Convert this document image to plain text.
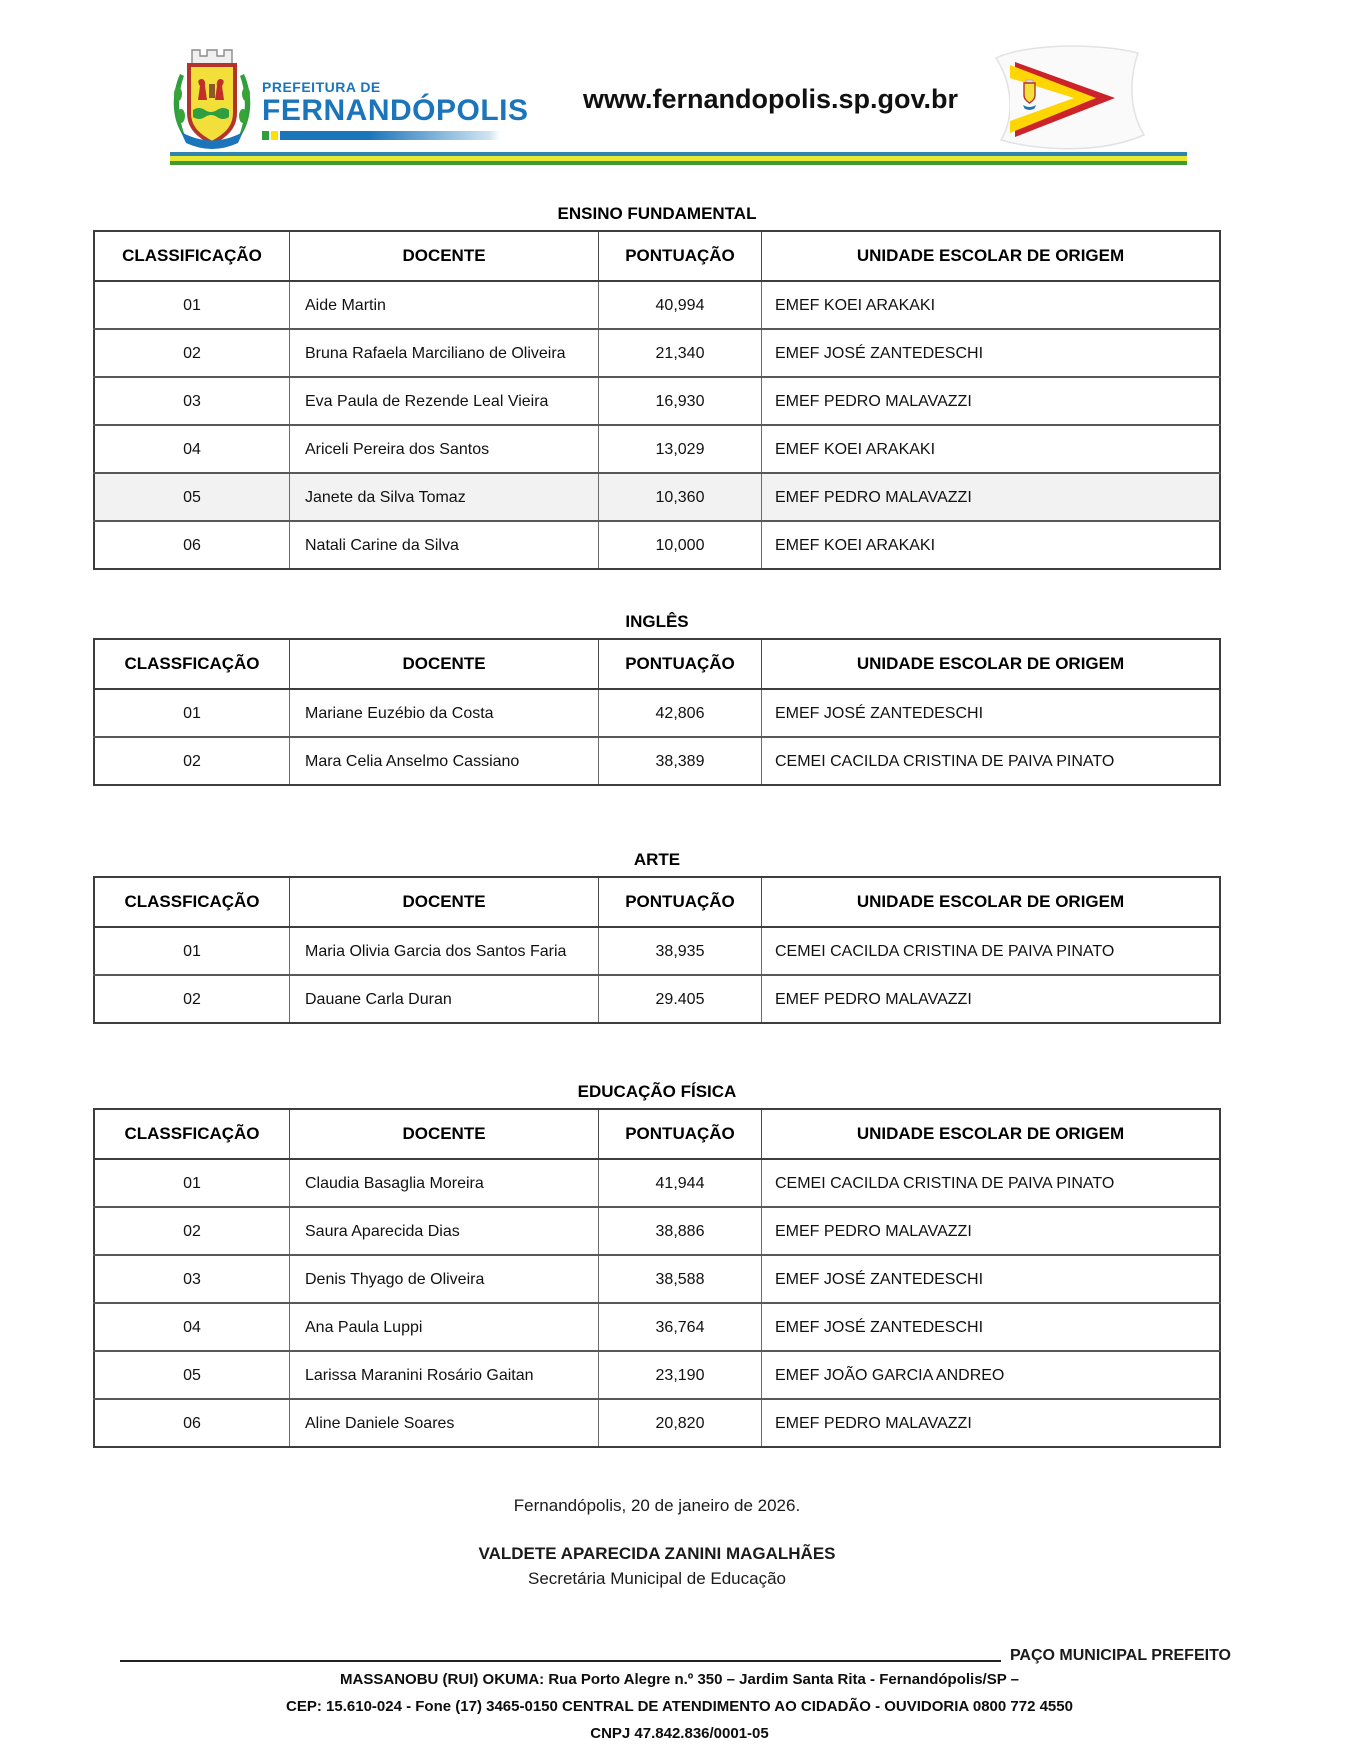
PREFEITURA DE
FERNANDÓPOLIS www.fernandopolis.sp.gov.br
ENSINO FUNDAMENTAL
CLASSIFICAÇÃO	DOCENTE	PONTUAÇÃO	UNIDADE ESCOLAR DE ORIGEM
01	Aide Martin	40,994	EMEF KOEI ARAKAKI
02	Bruna Rafaela Marciliano de Oliveira	21,340	EMEF JOSÉ ZANTEDESCHI
03	Eva Paula de Rezende Leal Vieira	16,930	EMEF PEDRO MALAVAZZI
04	Ariceli Pereira dos Santos	13,029	EMEF KOEI ARAKAKI
05	Janete da Silva Tomaz	10,360	EMEF PEDRO MALAVAZZI
06	Natali Carine da Silva	10,000	EMEF KOEI ARAKAKI
INGLÊS
CLASSFICAÇÃO	DOCENTE	PONTUAÇÃO	UNIDADE ESCOLAR DE ORIGEM
01	Mariane Euzébio da Costa	42,806	EMEF JOSÉ ZANTEDESCHI
02	Mara Celia Anselmo Cassiano	38,389	CEMEI CACILDA CRISTINA DE PAIVA PINATO
ARTE
CLASSFICAÇÃO	DOCENTE	PONTUAÇÃO	UNIDADE ESCOLAR DE ORIGEM
01	Maria Olivia Garcia dos Santos Faria	38,935	CEMEI CACILDA CRISTINA DE PAIVA PINATO
02	Dauane Carla Duran	29.405	EMEF PEDRO MALAVAZZI
EDUCAÇÃO FÍSICA
CLASSFICAÇÃO	DOCENTE	PONTUAÇÃO	UNIDADE ESCOLAR DE ORIGEM
01	Claudia Basaglia Moreira	41,944	CEMEI CACILDA CRISTINA DE PAIVA PINATO
02	Saura Aparecida Dias	38,886	EMEF PEDRO MALAVAZZI
03	Denis Thyago de Oliveira	38,588	EMEF JOSÉ ZANTEDESCHI
04	Ana Paula Luppi	36,764	EMEF JOSÉ ZANTEDESCHI
05	Larissa Maranini Rosário Gaitan	23,190	EMEF JOÃO GARCIA ANDREO
06	Aline Daniele Soares	20,820	EMEF PEDRO MALAVAZZI
Fernandópolis, 20 de janeiro de 2026.
VALDETE APARECIDA ZANINI MAGALHÃES
Secretária Municipal de Educação
PAÇO MUNICIPAL PREFEITO
MASSANOBU (RUI) OKUMA: Rua Porto Alegre n.º 350 – Jardim Santa Rita - Fernandópolis/SP –
CEP: 15.610-024 - Fone (17) 3465-0150 CENTRAL DE ATENDIMENTO AO CIDADÃO - OUVIDORIA 0800 772 4550
CNPJ 47.842.836/0001-05
